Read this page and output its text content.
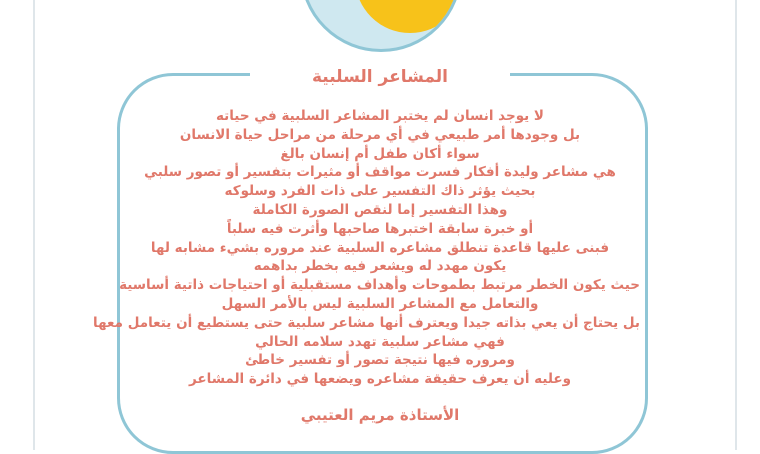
المشاعر السلبية
لا يوجد انسان لم يختبر المشاعر السلبية في حياته
بل وجودها أمر طبيعي في أي مرحلة من مراحل حياة الانسان
سواء أكان طفل أم إنسان بالغ
هي مشاعر وليدة أفكار فسرت مواقف أو مثيرات بتفسير أو تصور سلبي
بحيث يؤثر ذاك التفسير على ذات الفرد وسلوكه
وهذا التفسير إما لنقص الصورة الكاملة
أو خبرة سابقة اختبرها صاحبها وأثرت فيه سلباً
فبنى عليها قاعدة تنطلق مشاعره السلبية عند مروره بشيء مشابه لها
يكون مهدد له ويشعر فيه بخطر بداهمه
حيث يكون الخطر مرتبط بطموحات وأهداف مستقبلية أو احتياجات ذاتية أساسية
والتعامل مع المشاعر السلبية ليس بالأمر السهل
بل يحتاج أن يعي بذاته جيدا ويعترف أنها مشاعر سلبية حتى يستطيع أن يتعامل معها
فهي مشاعر سلبية تهدد سلامه الحالي
ومروره فيها نتيجة تصور أو تفسير خاطئ
وعليه أن يعرف حقيقة مشاعره ويضعها في دائرة المشاعر
الأستاذة مريم العتيبي
